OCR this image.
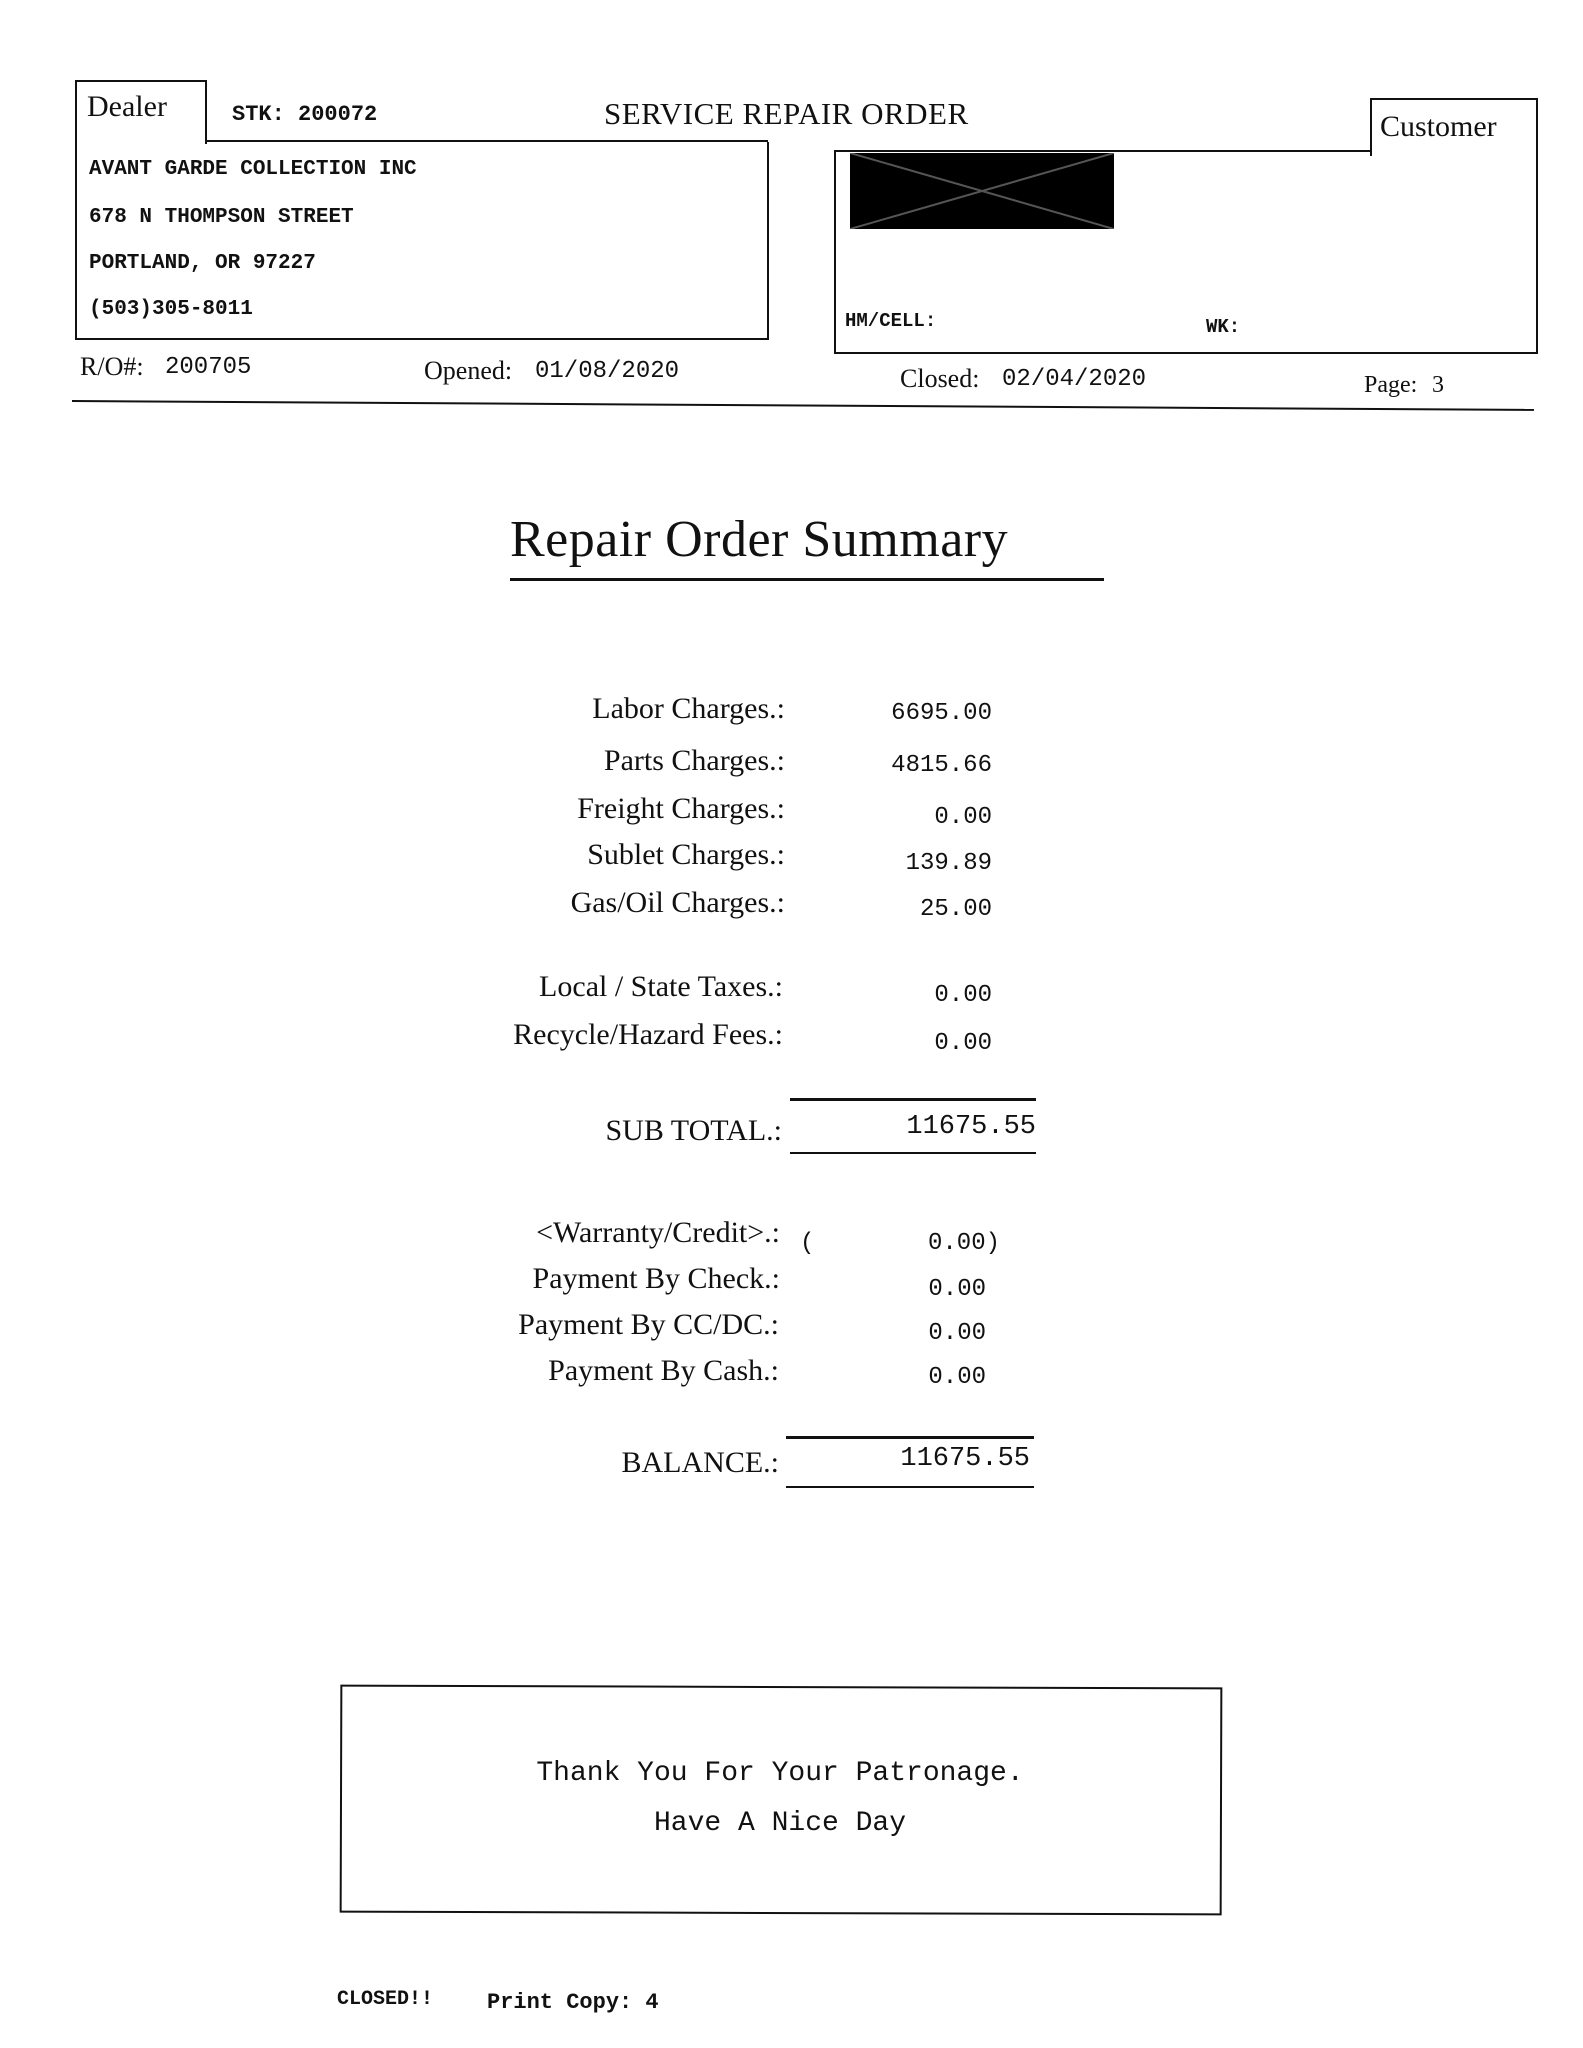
Dealer	STK: 200072	SERVICE REPAIR ORDER
AVANT GARDE COLLECTION INC
678 N THOMPSON STREET
PORTLAND, OR 97227
(503)305-8011
Customer
HM/CELL:	WK:
R/O#: 200705	Opened: 01/08/2020	Closed: 02/04/2020	Page: 3
Repair Order Summary
Labor Charges.:	6695.00
Parts Charges.:	4815.66
Freight Charges.:	0.00
Sublet Charges.:	139.89
Gas/Oil Charges.:	25.00
Local / State Taxes.:	0.00
Recycle/Hazard Fees.:	0.00
SUB TOTAL.:	11675.55
<Warranty/Credit>.: (	0.00)
Payment By Check.:	0.00
Payment By CC/DC.:	0.00
Payment By Cash.:	0.00
BALANCE.:	11675.55
Thank You For Your Patronage.
Have A Nice Day
CLOSED!! Print Copy: 4
